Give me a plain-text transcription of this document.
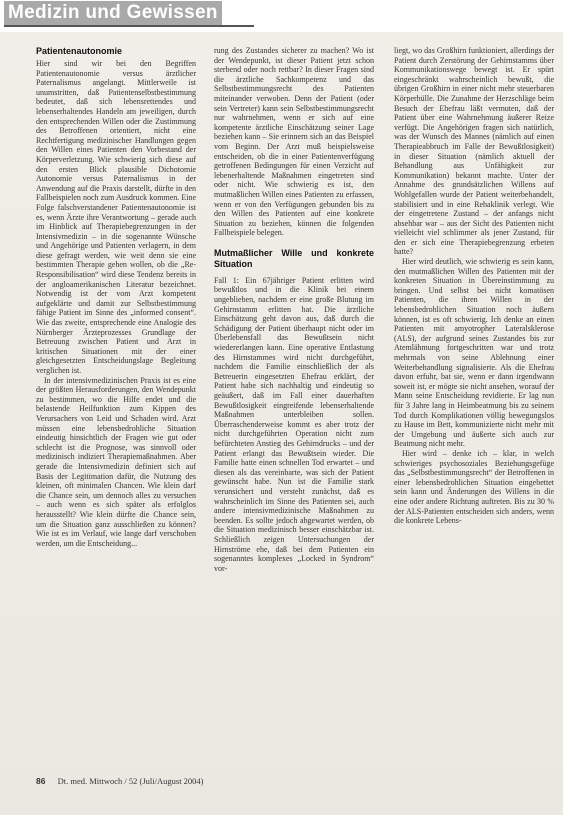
Medizin und Gewissen
Patientenautonomie

Hier sind wir bei den Begriffen Patientenautonomie versus ärztlicher Paternalismus angelangt. Mittlerweile ist unumstritten, daß Patientenselbstbestimmung bedeutet, daß sich lebensrettendes und lebenserhaltendes Handeln am jeweiligen, durch den entsprechenden Willen oder die Zustimmung des Betroffenen orientiert, nicht eine Rechtfertigung medizinischer Handlungen gegen den Willen eines Patienten den Vorbestand der Körperverletzung. Wie schwierig sich diese auf den ersten Blick plausible Dichotomie Autonomie versus Paternalismus in der Anwendung auf die Praxis darstellt, dürfte in den Fallbeispielen noch zum Ausdruck kommen. Eine Folge falschverstandener Patientenautonomie ist es, wenn Ärzte ihre Verantwortung – gerade auch im Hinblick auf Therapiebegrenzungen in der Intensivmedizin – in die sogenannte Wünsche und Angehörige und Patienten verlagern, in dem diese gefragt werden, wie weit denn sie eine bestimmten Therapie gehen wollen, ob die „Re-Responsibilisation“ wird diese Tendenz bereits in der angloamerikanischen Literatur bezeichnet. Notwendig ist der vom Arzt kompetent aufgeklärte und damit zur Selbstbestimmung fähige Patient im Sinne des „informed consent“. Wie das zweite, entsprechende eine Analogie des Nürnberger Ärzteprozesses Grundlage der Betreuung zwischen Patient und Arzt in kritischen Situationen mit der einer gleichgesetzten Entscheidungslage Begleitung verglichen ist.

In der intensivmedizinischen Praxis ist es eine der größten Herausforderungen, den Wendepunkt zu bestimmen, wo die Hilfe endet und die belastende Heilfunktion zum Kippen des Verursachers von Leid und Schaden wird. Arzt müssen eine lebensbedrohliche Situation eindeutig hinsichtlich der Fragen wie gut oder schlecht ist die Prognose, was sinnvoll oder medizinisch indiziert Therapiemaßnahmen. Aber gerade die Intensivmedizin definiert sich auf Basis der Legitimation dafür, die Nutzung des kleinen, oft minimalen Chancen. Wie klein darf die Chance sein, um dennoch alles zu versuchen – auch wenn es sich später als erfolglos herausstellt? Wie klein dürfte die Chance sein, um die Situation ganz ausschließen zu können? Wie ist es im Verlauf, wie lange darf verschoben werden, um die Entscheidung...

rung des Zustandes sicherer zu machen? Wo ist der Wendepunkt, ist dieser Patient jetzt schon sterbend oder noch rettbar? In dieser Fragen sind die ärztliche Sachkompetenz und das Selbstbestimmungsrecht des Patienten miteinander verwoben. Denn der Patient (oder sein Vertreter) kann sein Selbstbestimmungsrecht nur wahrnehmen, wenn er sich auf eine kompetente ärztliche Einschätzung seiner Lage beziehen kann – Sie erinnern sich an das Beispiel vom Beginn. Der Arzt muß beispielsweise entscheiden, ob die in einer Patientenverfügung getroffenen Bedingungen für einen Verzicht auf lebenerhaltende Maßnahmen eingetreten sind oder nicht. Wie schwierig es ist, den mutmaßlichen Willen eines Patienten zu erfassen, wenn er von den Verfügungen gebunden bis zu den Willen des Patienten auf eine konkrete Situation zu beziehen, können die folgenden Fallbeispiele belegen.

Mutmaßlicher Wille und konkrete Situation

Fall 1: Ein 67jähriger Patient erlitten wird bewußtlos und in die Klinik bei einem ungeblieben, nachdem er eine große Blutung im Gehirnstamm erlitten hat. Die ärztliche Einschätzung geht davon aus, daß durch die Schädigung der Patient überhaupt nicht oder im Überlebensfall das Bewußtsein nicht wiedererlangen kann. Eine operative Entlastung des Hirnstammes wird nicht durchgeführt, nachdem die Familie einschließlich der als Betreuerin eingesetzten Ehefrau erklärt, der Patient habe sich nachhaltig und eindeutig so geäußert, daß im Fall einer dauerhaften Bewußtlosigkeit eingreifende lebenserhaltende Maßnahmen unterbleiben sollen. Überraschenderweise kommt es aber trotz der nicht durchgeführten Operation nicht zum befürchteten Anstieg des Gehirndrucks – und der Patient erlangt das Bewußtsein wieder. Die Familie hatte einen schnellen Tod erwartet – und diesen als das vereinbarte, was sich der Patient gewünscht habe. Nun ist die Familie stark verunsichert und versteht zunächst, daß es wahrscheinlich im Sinne des Patienten sei, auch andere intensivmedizinische Maßnahmen zu beenden. Es sollte jedoch abgewartet werden, ob die Situation medizinisch besser einschätzbar ist. Schließlich zeigen Untersuchungen der Hirnströme ehe, daß bei dem Patienten ein sogenanntes komplexes „Locked in Syndrom“ vor-

liegt, wo das Großhirn funktioniert, allerdings der Patient durch Zerstörung der Gehirnstamms über Kommunikationswege bewegt ist. Er spürt eingeschränkt wahrscheinlich bewußt, die übrigen Großhirn in einer nicht mehr steuerbaren Körperhülle. Die Zunahme der Herzschläge beim Besuch der Ehefrau läßt vermuten, daß der Patient über eine Wahrnehmung äußerer Reize verfügt. Die Angehörigen fragen sich natürlich, was der Wunsch des Mannes (nämlich auf einen Therapieabbruch im Falle der Bewußtlosigkeit) in dieser Situation (nämlich aktuell der Behandlung aus Unfähigkeit zur Kommunikation) bekannt machte. Unter der Annahme des grundsätzlichen Willens auf Wohlgefallen wurde der Patient weiterbehandelt, stabilisiert und in eine Rehaklinik verlegt. Wie der eingetretene Zustand – der anfangs nicht absehbar war – aus der Sicht des Patienten nicht vielleicht viel schlimmer als jener Zustand, für den er sich eine Therapiebegrenzung erbeten hatte?

Hier wird deutlich, wie schwierig es sein kann, den mutmaßlichen Willen des Patienten mit der konkreten Situation in Übereinstimmung zu bringen. Und selbst bei nicht komatösen Patienten, die ihren Willen in der lebensbedrohlichen Situation noch äußern können, ist es oft schwierig. Ich denke an einen Patienten mit amyotropher Lateralsklerose (ALS), der aufgrund seines Zustandes bis zur Atemlähmung fortgeschritten war und trotz mehrmals von seine Ablehnung einer Weiterbehandlung signalisierte. Als die Ehefrau davon erfuhr, bat sie, wenn er dann irgendwann soweit ist, er mögte sie nicht ansehen, worauf der Mann seine Entscheidung revidierte. Er lag nun für 3 Jahre lang in Heimbeatmung bis zu seinem Tod durch Komplikationen völlig bewegungslos zu Hause im Bett, kommunizierte nicht mehr mit der Umgebung und äußerte sich auch zur Beatmung nicht mehr.

Hier wird – denke ich – klar, in welch schwieriges psychosoziales Beziehungsgefüge das „Selbstbestimmungsrecht“ der Betroffenen in einer lebensbedrohlichen Situation eingebettet sein kann und Änderungen des Willens in die eine oder andere Richtung auftreten. Bis zu 30 % der ALS-Patienten entscheiden sich anders, wenn die konkrete Lebens-

86 Dt. med. Mittwoch / 52 (Juli/August 2004)
